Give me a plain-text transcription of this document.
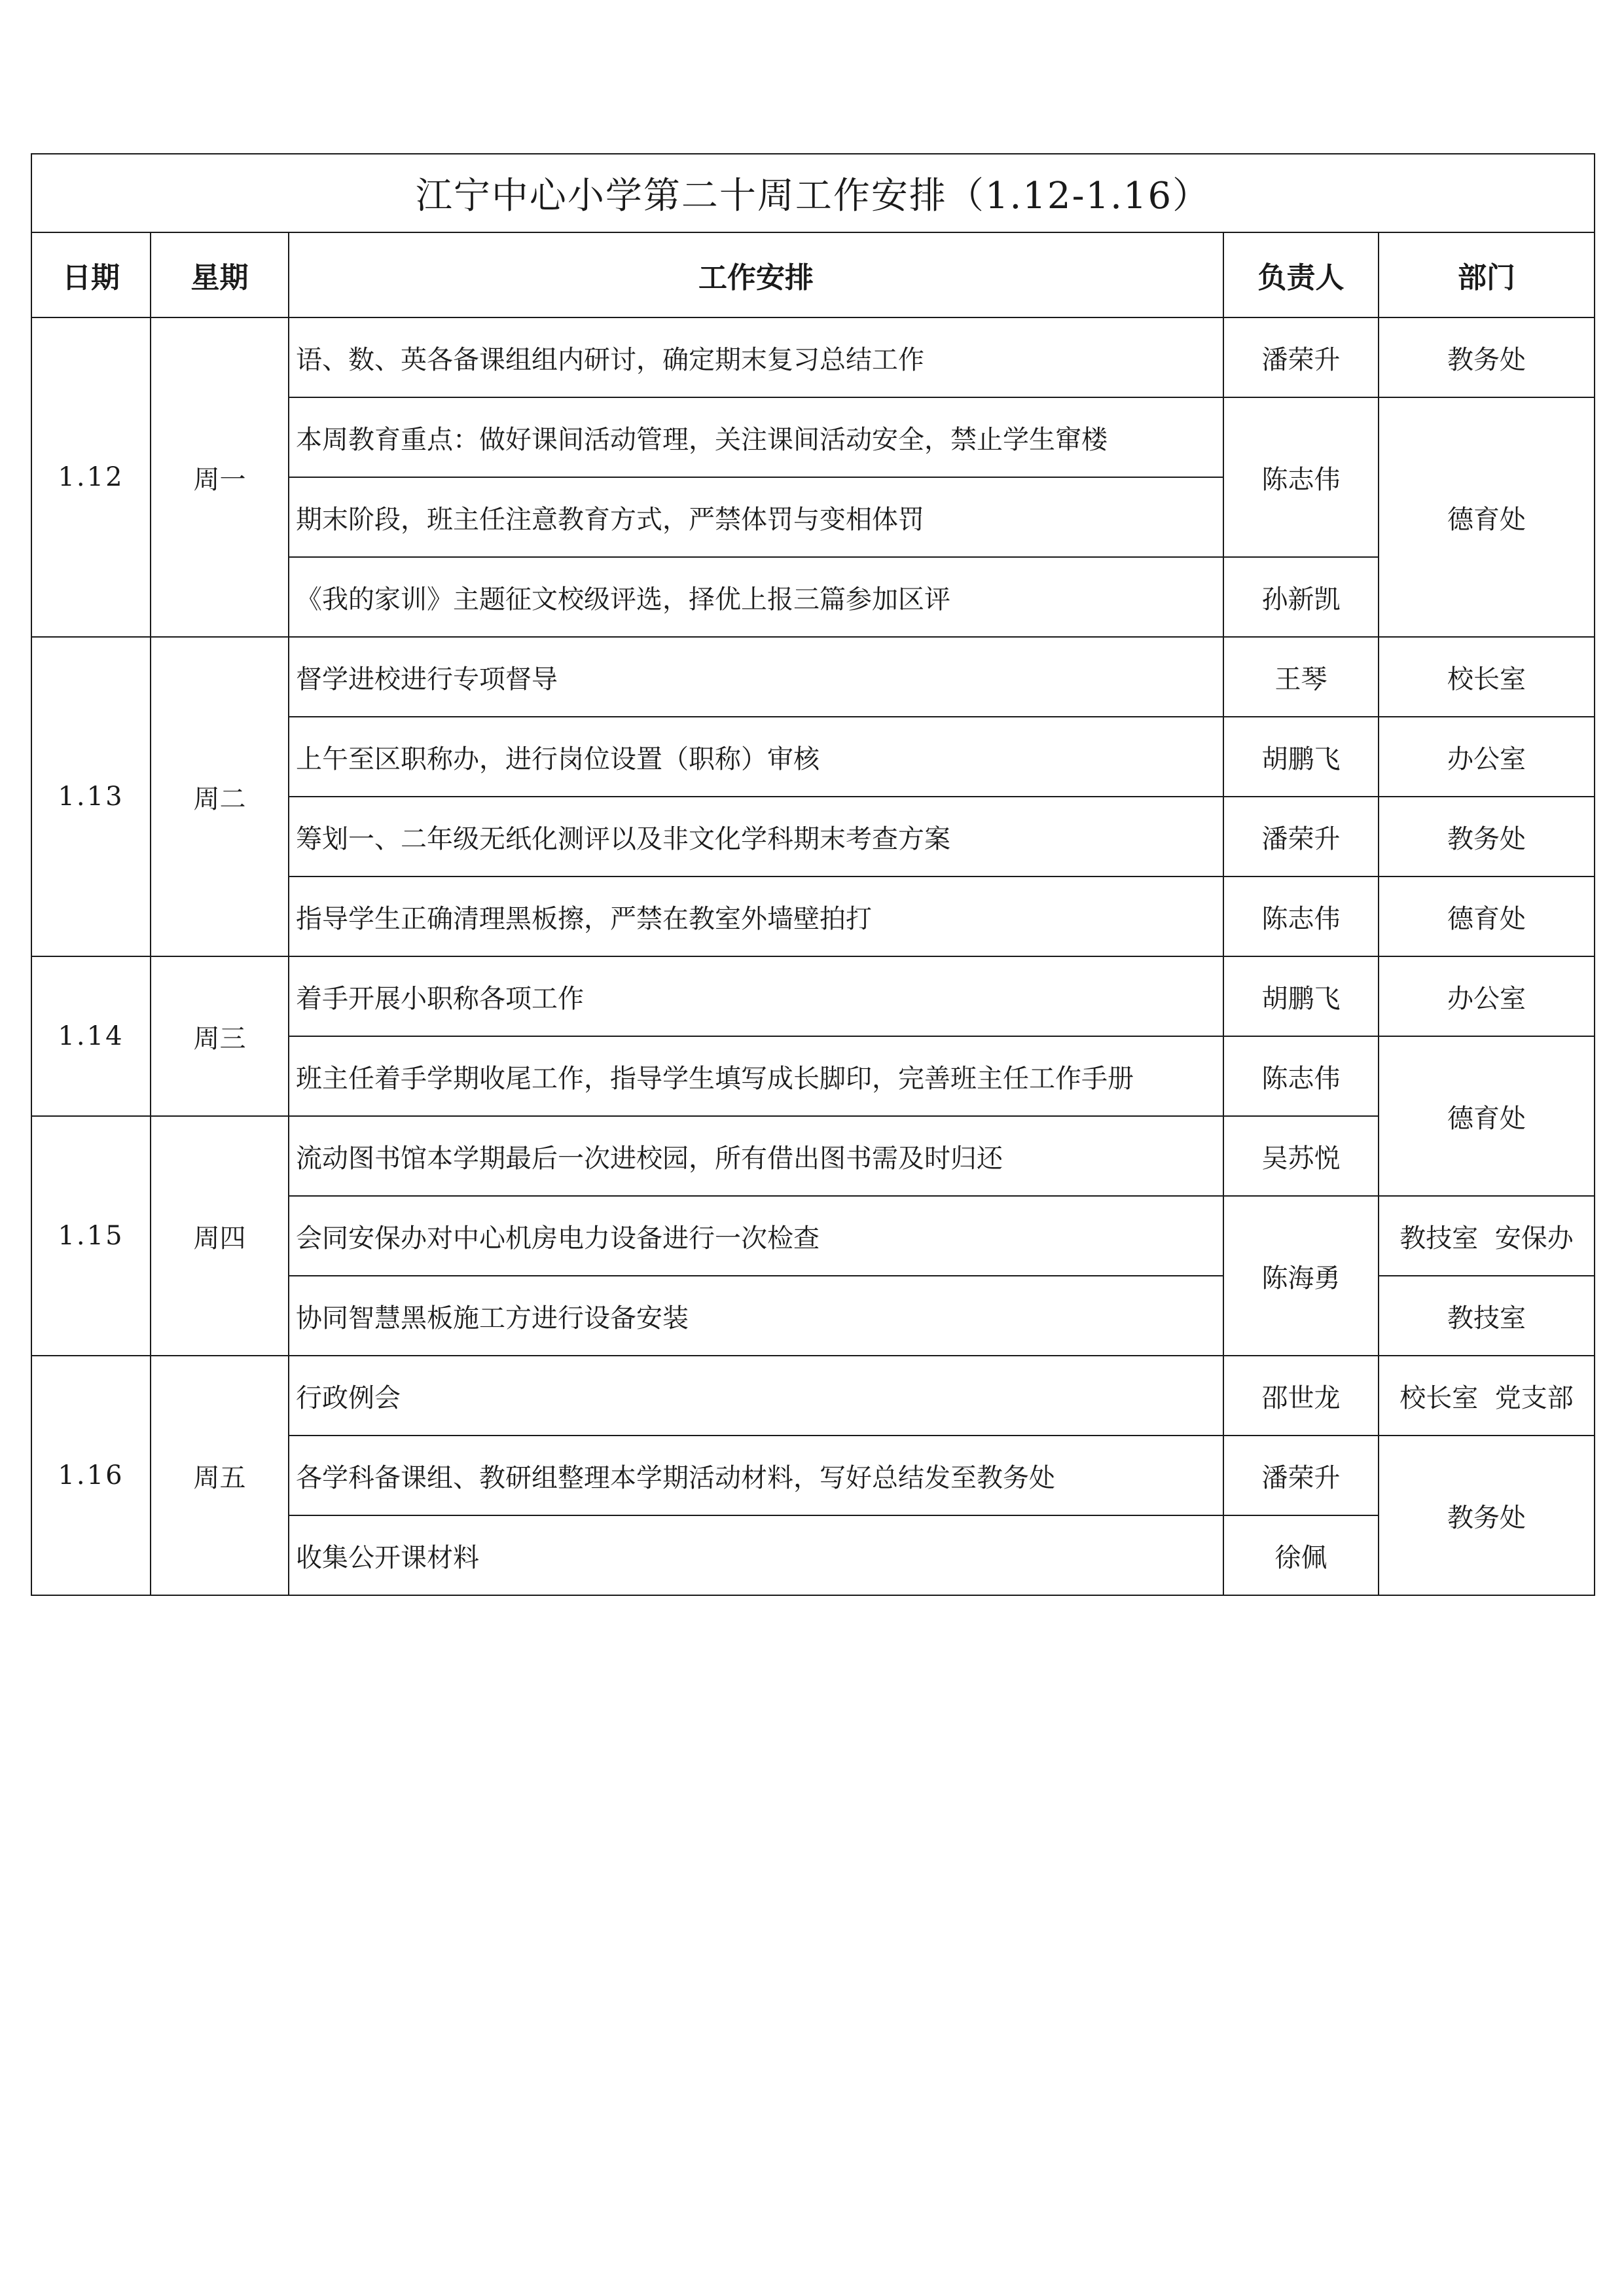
江宁中心小学第二十周工作安排（1.12-1.16）				
日期	星期	工作安排	负责人	部门
1.12	周一	语、数、英各备课组组内研讨，确定期末复习总结工作	潘荣升	教务处
		本周教育重点：做好课间活动管理，关注课间活动安全，禁止学生窜楼	陈志伟	德育处
		期末阶段，班主任注意教育方式，严禁体罚与变相体罚		
		《我的家训》主题征文校级评选，择优上报三篇参加区评	孙新凯	
1.13	周二	督学进校进行专项督导	王琴	校长室
		上午至区职称办，进行岗位设置（职称）审核	胡鹏飞	办公室
		筹划一、二年级无纸化测评以及非文化学科期末考查方案	潘荣升	教务处
		指导学生正确清理黑板擦，严禁在教室外墙壁拍打	陈志伟	德育处
1.14	周三	着手开展小职称各项工作	胡鹏飞	办公室
		班主任着手学期收尾工作，指导学生填写成长脚印，完善班主任工作手册	陈志伟	德育处
1.15	周四	流动图书馆本学期最后一次进校园，所有借出图书需及时归还	吴苏悦	
		会同安保办对中心机房电力设备进行一次检查	陈海勇	教技室  安保办
		协同智慧黑板施工方进行设备安装		教技室
1.16	周五	行政例会	邵世龙	校长室  党支部
		各学科备课组、教研组整理本学期活动材料，写好总结发至教务处	潘荣升	教务处
		收集公开课材料	徐佩	
